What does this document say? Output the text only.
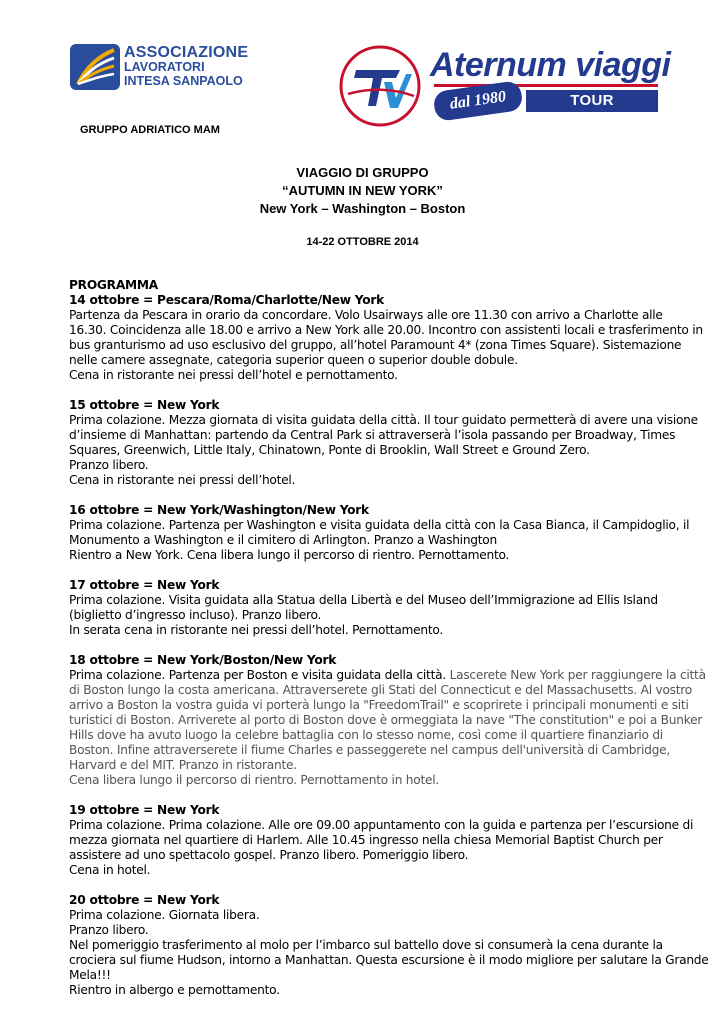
ASSOCIAZIONE
LAVORATORI
INTESA SANPAOLO	Aternum viaggi
dal 1980	TOUR OPERATOR
GRUPPO ADRIATICO MAM
VIAGGIO DI GRUPPO
“AUTUMN IN NEW YORK”
New York – Washington – Boston
14-22 OTTOBRE 2014
PROGRAMMA
14 ottobre = Pescara/Roma/Charlotte/New York
Partenza da Pescara in orario da concordare. Volo Usairways alle ore 11.30 con arrivo a Charlotte alle
16.30. Coincidenza alle 18.00 e arrivo a New York alle 20.00. Incontro con assistenti locali e trasferimento in
bus granturismo ad uso esclusivo del gruppo, all’hotel Paramount 4* (zona Times Square). Sistemazione
nelle camere assegnate, categoria superior queen o superior double dobule.
Cena in ristorante nei pressi dell’hotel e pernottamento.
15 ottobre = New York
Prima colazione. Mezza giornata di visita guidata della città. Il tour guidato permetterà di avere una visione
d’insieme di Manhattan: partendo da Central Park si attraverserà l’isola passando per Broadway, Times
Squares, Greenwich, Little Italy, Chinatown, Ponte di Brooklin, Wall Street e Ground Zero.
Pranzo libero.
Cena in ristorante nei pressi dell’hotel.
16 ottobre = New York/Washington/New York
Prima colazione. Partenza per Washington e visita guidata della città con la Casa Bianca, il Campidoglio, il
Monumento a Washington e il cimitero di Arlington. Pranzo a Washington
Rientro a New York. Cena libera lungo il percorso di rientro. Pernottamento.
17 ottobre = New York
Prima colazione. Visita guidata alla Statua della Libertà e del Museo dell’Immigrazione ad Ellis Island
(biglietto d’ingresso incluso). Pranzo libero.
In serata cena in ristorante nei pressi dell’hotel. Pernottamento.
18 ottobre = New York/Boston/New York
Prima colazione. Partenza per Boston e visita guidata della città. Lascerete New York per raggiungere la città
di Boston lungo la costa americana. Attraverserete gli Stati del Connecticut e del Massachusetts. Al vostro
arrivo a Boston la vostra guida vi porterà lungo la "FreedomTrail" e scoprirete i principali monumenti e siti
turistici di Boston. Arriverete al porto di Boston dove è ormeggiata la nave "The constitution" e poi a Bunker
Hills dove ha avuto luogo la celebre battaglia con lo stesso nome, così come il quartiere finanziario di
Boston. Infine attraverserete il fiume Charles e passeggerete nel campus dell'università di Cambridge,
Harvard e del MIT. Pranzo in ristorante.
Cena libera lungo il percorso di rientro. Pernottamento in hotel.
19 ottobre = New York
Prima colazione. Prima colazione. Alle ore 09.00 appuntamento con la guida e partenza per l’escursione di
mezza giornata nel quartiere di Harlem. Alle 10.45 ingresso nella chiesa Memorial Baptist Church per
assistere ad uno spettacolo gospel. Pranzo libero. Pomeriggio libero.
Cena in hotel.
20 ottobre = New York
Prima colazione. Giornata libera.
Pranzo libero.
Nel pomeriggio trasferimento al molo per l’imbarco sul battello dove si consumerà la cena durante la
crociera sul fiume Hudson, intorno a Manhattan. Questa escursione è il modo migliore per salutare la Grande
Mela!!!
Rientro in albergo e pernottamento.
